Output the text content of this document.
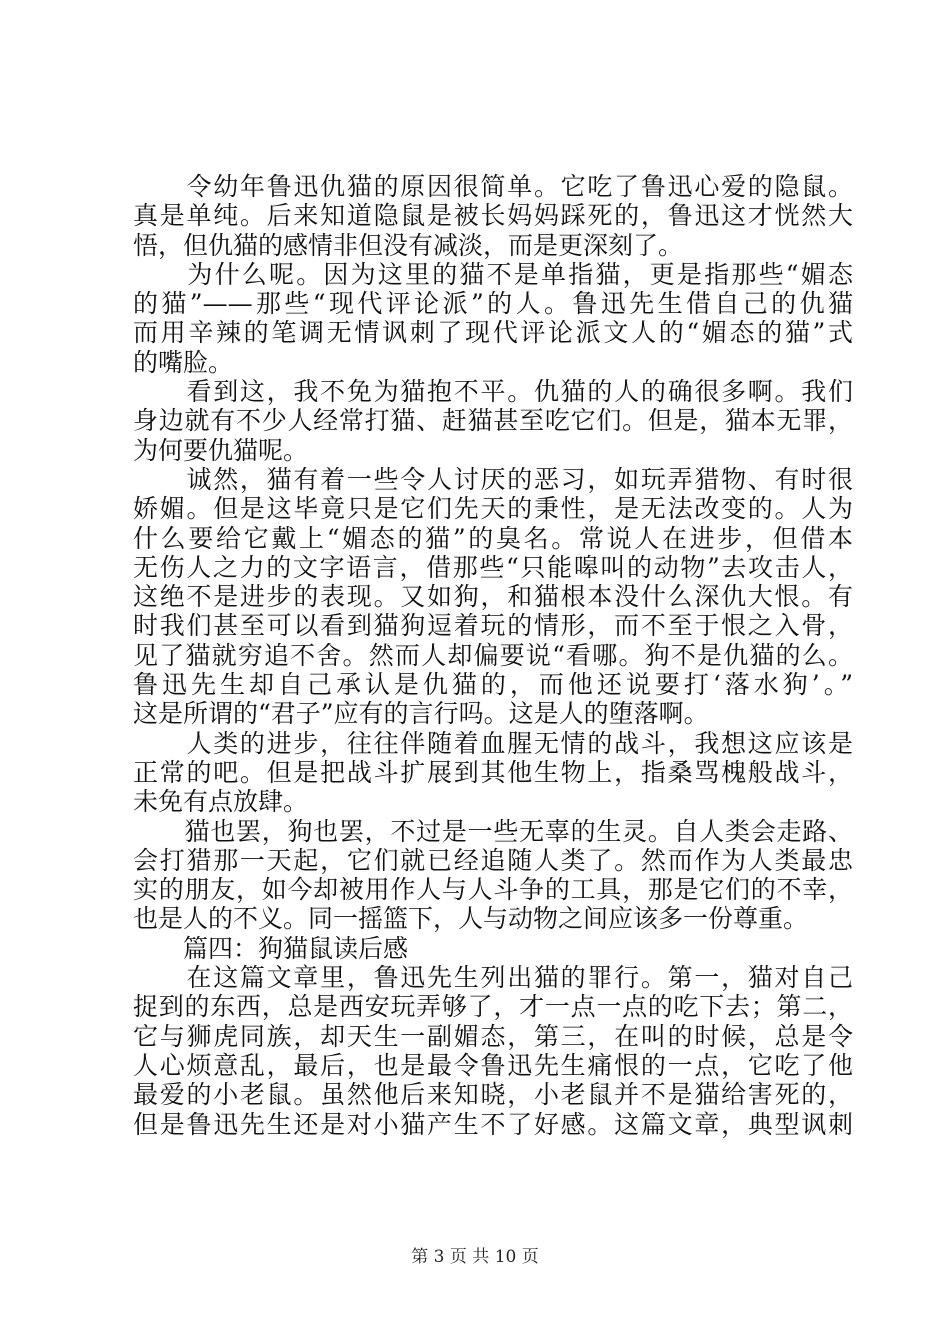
　　令幼年鲁迅仇猫的原因很简单。它吃了鲁迅心爱的隐鼠。
真是单纯。后来知道隐鼠是被长妈妈踩死的，鲁迅这才恍然大
悟，但仇猫的感情非但没有减淡，而是更深刻了。
　　为什么呢。因为这里的猫不是单指猫，更是指那些“媚态
的猫”——那些“现代评论派”的人。鲁迅先生借自己的仇猫
而用辛辣的笔调无情讽刺了现代评论派文人的“媚态的猫”式
的嘴脸。
　　看到这，我不免为猫抱不平。仇猫的人的确很多啊。我们
身边就有不少人经常打猫、赶猫甚至吃它们。但是，猫本无罪，
为何要仇猫呢。
　　诚然，猫有着一些令人讨厌的恶习，如玩弄猎物、有时很
娇媚。但是这毕竟只是它们先天的秉性，是无法改变的。人为
什么要给它戴上“媚态的猫”的臭名。常说人在进步，但借本
无伤人之力的文字语言，借那些“只能嗥叫的动物”去攻击人，
这绝不是进步的表现。又如狗，和猫根本没什么深仇大恨。有
时我们甚至可以看到猫狗逗着玩的情形，而不至于恨之入骨，
见了猫就穷追不舍。然而人却偏要说“看哪。狗不是仇猫的么。
鲁迅先生却自己承认是仇猫的，而他还说要打‘落水狗’。”
这是所谓的“君子”应有的言行吗。这是人的堕落啊。
　　人类的进步，往往伴随着血腥无情的战斗，我想这应该是
正常的吧。但是把战斗扩展到其他生物上，指桑骂槐般战斗，
未免有点放肆。
　　猫也罢，狗也罢，不过是一些无辜的生灵。自人类会走路、
会打猎那一天起，它们就已经追随人类了。然而作为人类最忠
实的朋友，如今却被用作人与人斗争的工具，那是它们的不幸，
也是人的不义。同一摇篮下，人与动物之间应该多一份尊重。
　　篇四：狗猫鼠读后感
　　在这篇文章里，鲁迅先生列出猫的罪行。第一，猫对自己
捉到的东西，总是西安玩弄够了，才一点一点的吃下去；第二，
它与狮虎同族，却天生一副媚态，第三，在叫的时候，总是令
人心烦意乱，最后，也是最令鲁迅先生痛恨的一点，它吃了他
最爱的小老鼠。虽然他后来知晓，小老鼠并不是猫给害死的，
但是鲁迅先生还是对小猫产生不了好感。这篇文章，典型讽刺
第 3 页 共 10 页
